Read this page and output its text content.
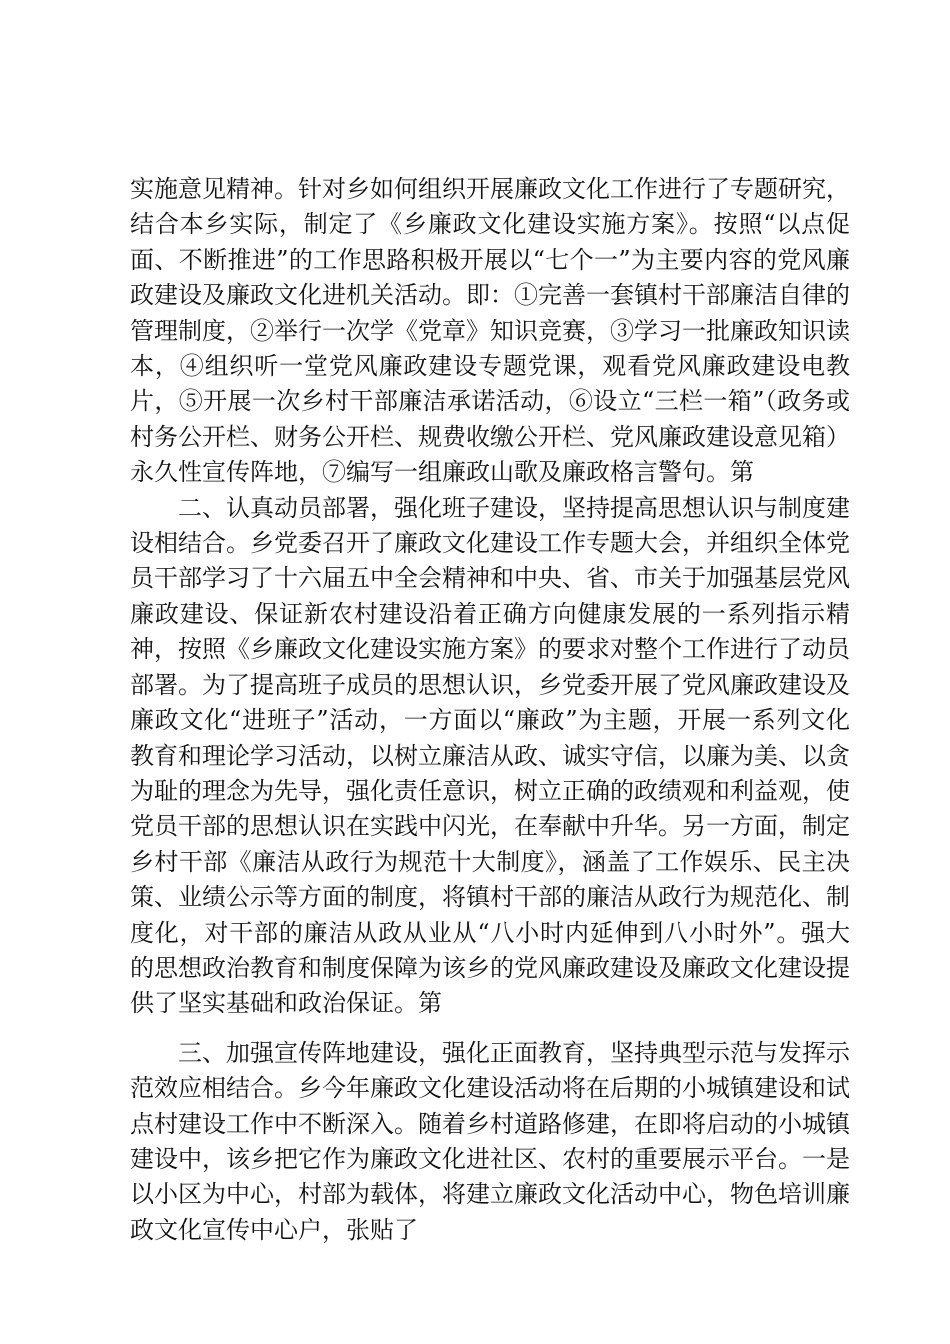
实施意见精神。针对乡如何组织开展廉政文化工作进行了专题研究，结合本乡实际，制定了《乡廉政文化建设实施方案》。按照“以点促面、不断推进”的工作思路积极开展以“七个一”为主要内容的党风廉政建设及廉政文化进机关活动。即：①完善一套镇村干部廉洁自律的管理制度，②举行一次学《党章》知识竞赛，③学习一批廉政知识读本，④组织听一堂党风廉政建设专题党课，观看党风廉政建设电教片，⑤开展一次乡村干部廉洁承诺活动，⑥设立“三栏一箱”（政务或村务公开栏、财务公开栏、规费收缴公开栏、党风廉政建设意见箱）永久性宣传阵地，⑦编写一组廉政山歌及廉政格言警句。第

二、认真动员部署，强化班子建设，坚持提高思想认识与制度建设相结合。乡党委召开了廉政文化建设工作专题大会，并组织全体党员干部学习了十六届五中全会精神和中央、省、市关于加强基层党风廉政建设、保证新农村建设沿着正确方向健康发展的一系列指示精神，按照《乡廉政文化建设实施方案》的要求对整个工作进行了动员部署。为了提高班子成员的思想认识，乡党委开展了党风廉政建设及廉政文化“进班子”活动，一方面以“廉政”为主题，开展一系列文化教育和理论学习活动，以树立廉洁从政、诚实守信，以廉为美、以贪为耻的理念为先导，强化责任意识，树立正确的政绩观和利益观，使党员干部的思想认识在实践中闪光，在奉献中升华。另一方面，制定乡村干部《廉洁从政行为规范十大制度》，涵盖了工作娱乐、民主决策、业绩公示等方面的制度，将镇村干部的廉洁从政行为规范化、制度化，对干部的廉洁从政从业从“八小时内延伸到八小时外”。强大的思想政治教育和制度保障为该乡的党风廉政建设及廉政文化建设提供了坚实基础和政治保证。第

三、加强宣传阵地建设，强化正面教育，坚持典型示范与发挥示范效应相结合。乡今年廉政文化建设活动将在后期的小城镇建设和试点村建设工作中不断深入。随着乡村道路修建，在即将启动的小城镇建设中，该乡把它作为廉政文化进社区、农村的重要展示平台。一是以小区为中心，村部为载体，将建立廉政文化活动中心，物色培训廉政文化宣传中心户，张贴了
